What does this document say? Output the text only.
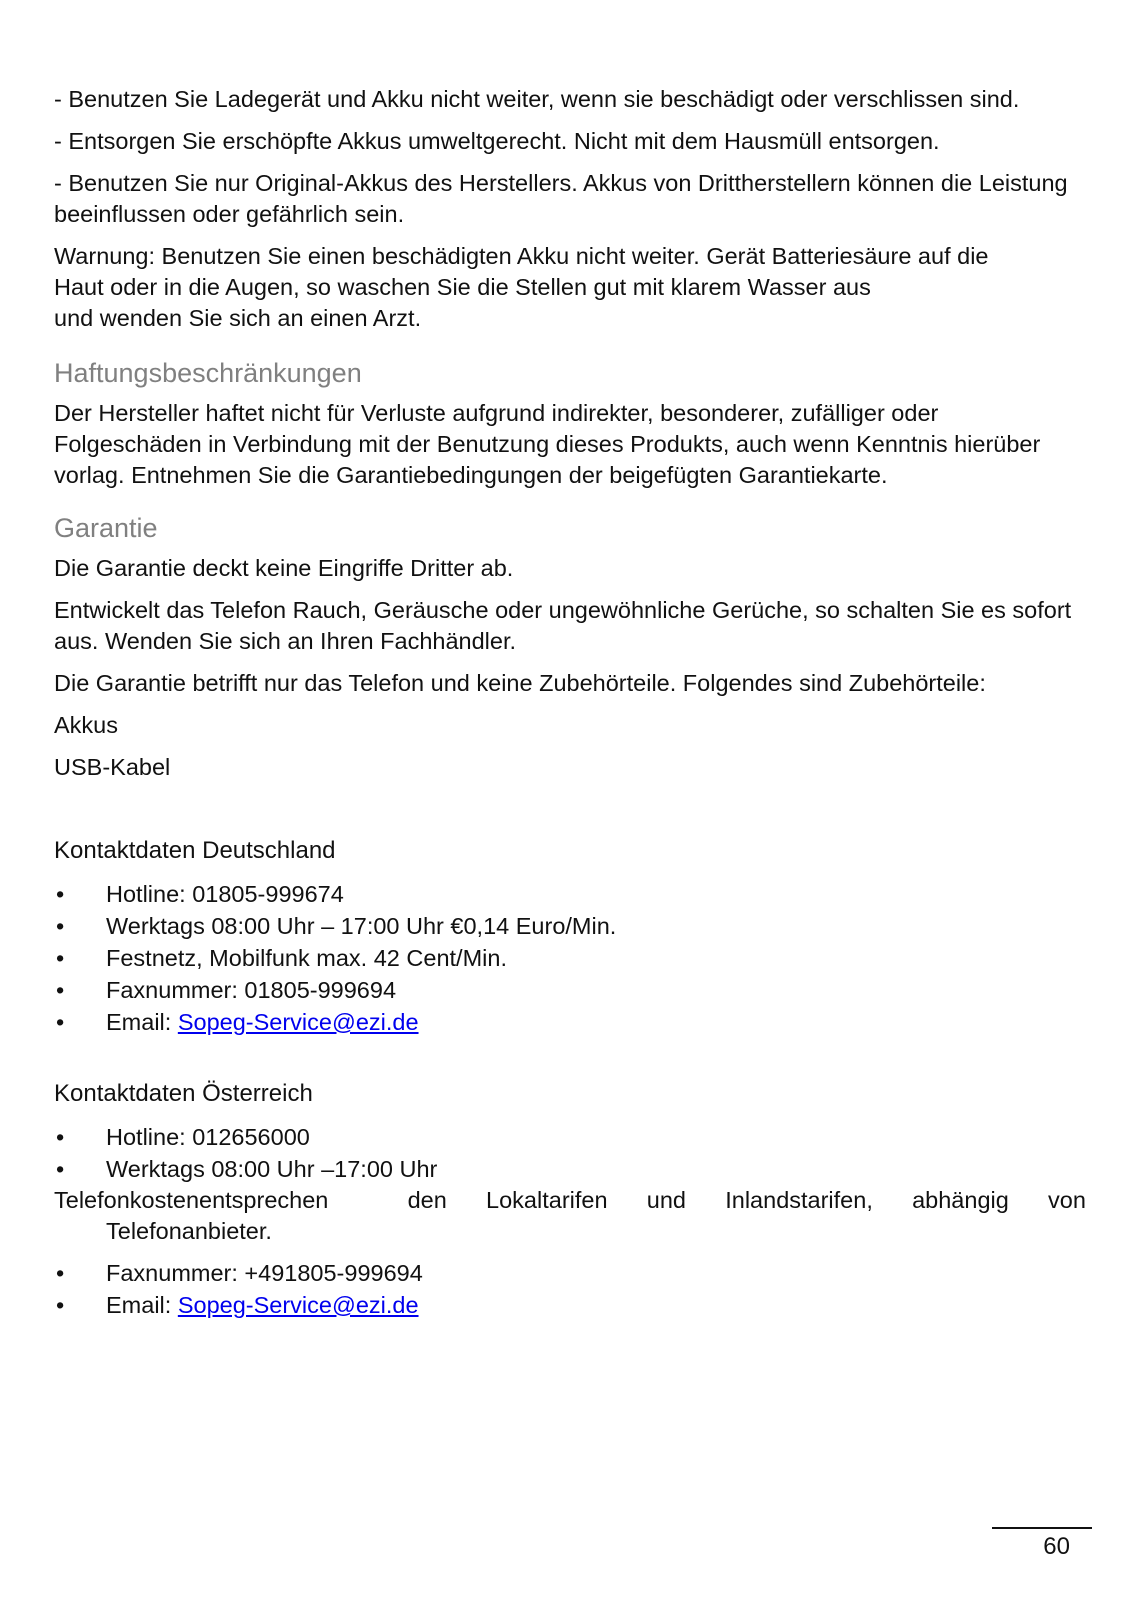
- Benutzen Sie Ladegerät und Akku nicht weiter, wenn sie beschädigt oder verschlissen sind.

- Entsorgen Sie erschöpfte Akkus umweltgerecht. Nicht mit dem Hausmüll entsorgen.

- Benutzen Sie nur Original-Akkus des Herstellers. Akkus von Drittherstellern können die Leistung beeinflussen oder gefährlich sein.

Warnung: Benutzen Sie einen beschädigten Akku nicht weiter. Gerät Batteriesäure auf die

Haut oder in die Augen, so waschen Sie die Stellen gut mit klarem Wasser aus

und wenden Sie sich an einen Arzt.

Haftungsbeschränkungen

Der Hersteller haftet nicht für Verluste aufgrund indirekter, besonderer, zufälliger oder Folgeschäden in Verbindung mit der Benutzung dieses Produkts, auch wenn Kenntnis hierüber vorlag. Entnehmen Sie die Garantiebedingungen der beigefügten Garantiekarte.

Garantie

Die Garantie deckt keine Eingriffe Dritter ab.

Entwickelt das Telefon Rauch, Geräusche oder ungewöhnliche Gerüche, so schalten Sie es sofort aus. Wenden Sie sich an Ihren Fachhändler.

Die Garantie betrifft nur das Telefon und keine Zubehörteile. Folgendes sind Zubehörteile:

Akkus

USB-Kabel

Kontaktdaten Deutschland
• Hotline: 01805-999674
• Werktags 08:00 Uhr – 17:00 Uhr €0,14 Euro/Min.
• Festnetz, Mobilfunk max. 42 Cent/Min.
• Faxnummer: 01805-999694
• Email: Sopeg-Service@ezi.de
Kontaktdaten Österreich
• Hotline: 012656000
• Werktags 08:00 Uhr –17:00 Uhr
Telefonkostenentsprechen	den Lokaltarifen und Inlandstarifen, abhängig von
Telefonanbieter.
• Faxnummer: +491805-999694
• Email: Sopeg-Service@ezi.de
60
